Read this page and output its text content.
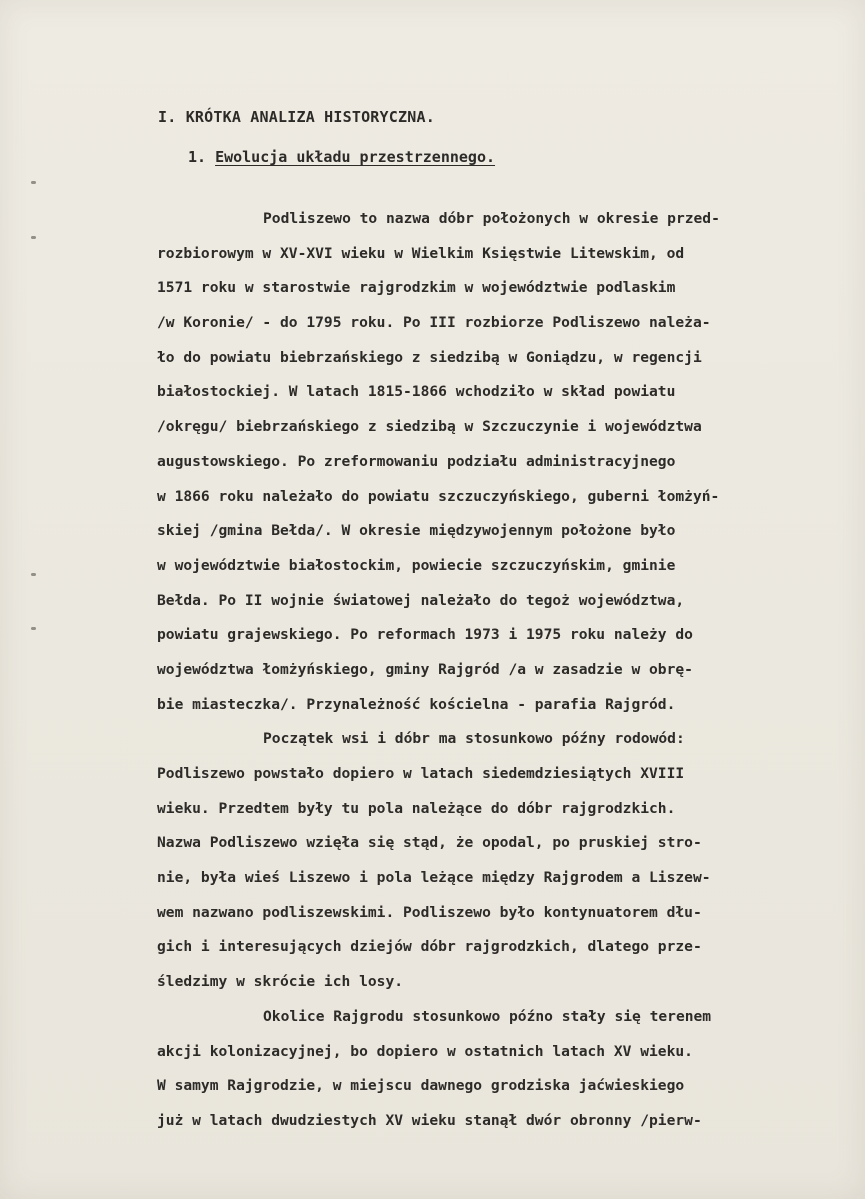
I. KRÓTKA ANALIZA HISTORYCZNA.
1. Ewolucja układu przestrzennego.
Podliszewo to nazwa dóbr położonych w okresie przed-
rozbiorowym w XV-XVI wieku w Wielkim Księstwie Litewskim, od
1571 roku w starostwie rajgrodzkim w województwie podlaskim
/w Koronie/ - do 1795 roku. Po III rozbiorze Podliszewo należa-
ło do powiatu biebrzańskiego z siedzibą w Goniądzu, w regencji
białostockiej. W latach 1815-1866 wchodziło w skład powiatu
/okręgu/ biebrzańskiego z siedzibą w Szczuczynie i województwa
augustowskiego. Po zreformowaniu podziału administracyjnego
w 1866 roku należało do powiatu szczuczyńskiego, guberni łomżyń-
skiej /gmina Bełda/. W okresie międzywojennym położone było
w województwie białostockim, powiecie szczuczyńskim, gminie
Bełda. Po II wojnie światowej należało do tegoż województwa,
powiatu grajewskiego. Po reformach 1973 i 1975 roku należy do
województwa łomżyńskiego, gminy Rajgród /a w zasadzie w obrę-
bie miasteczka/. Przynależność kościelna - parafia Rajgród.
Początek wsi i dóbr ma stosunkowo późny rodowód:
Podliszewo powstało dopiero w latach siedemdziesiątych XVIII
wieku. Przedtem były tu pola należące do dóbr rajgrodzkich.
Nazwa Podliszewo wzięła się stąd, że opodal, po pruskiej stro-
nie, była wieś Liszewo i pola leżące między Rajgrodem a Liszew-
wem nazwano podliszewskimi. Podliszewo było kontynuatorem dłu-
gich i interesujących dziejów dóbr rajgrodzkich, dlatego prze-
śledzimy w skrócie ich losy.
Okolice Rajgrodu stosunkowo późno stały się terenem
akcji kolonizacyjnej, bo dopiero w ostatnich latach XV wieku.
W samym Rajgrodzie, w miejscu dawnego grodziska jaćwieskiego
już w latach dwudziestych XV wieku stanął dwór obronny /pierw-
